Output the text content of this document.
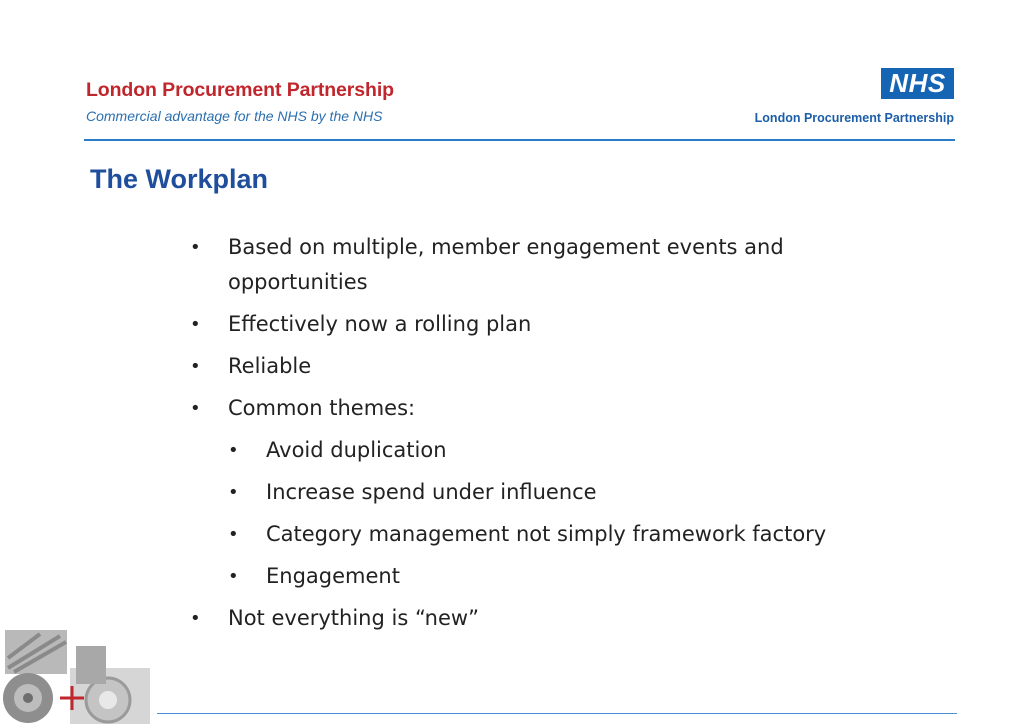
London Procurement Partnership
Commercial advantage for the NHS by the NHS
NHS
London Procurement Partnership
The Workplan
•	Based on multiple, member engagement events and opportunities
•	Effectively now a rolling plan
•	Reliable
•	Common themes:
•	Avoid duplication
•	Increase spend under influence
•	Category management not simply framework factory
•	Engagement
•	Not everything is “new”
